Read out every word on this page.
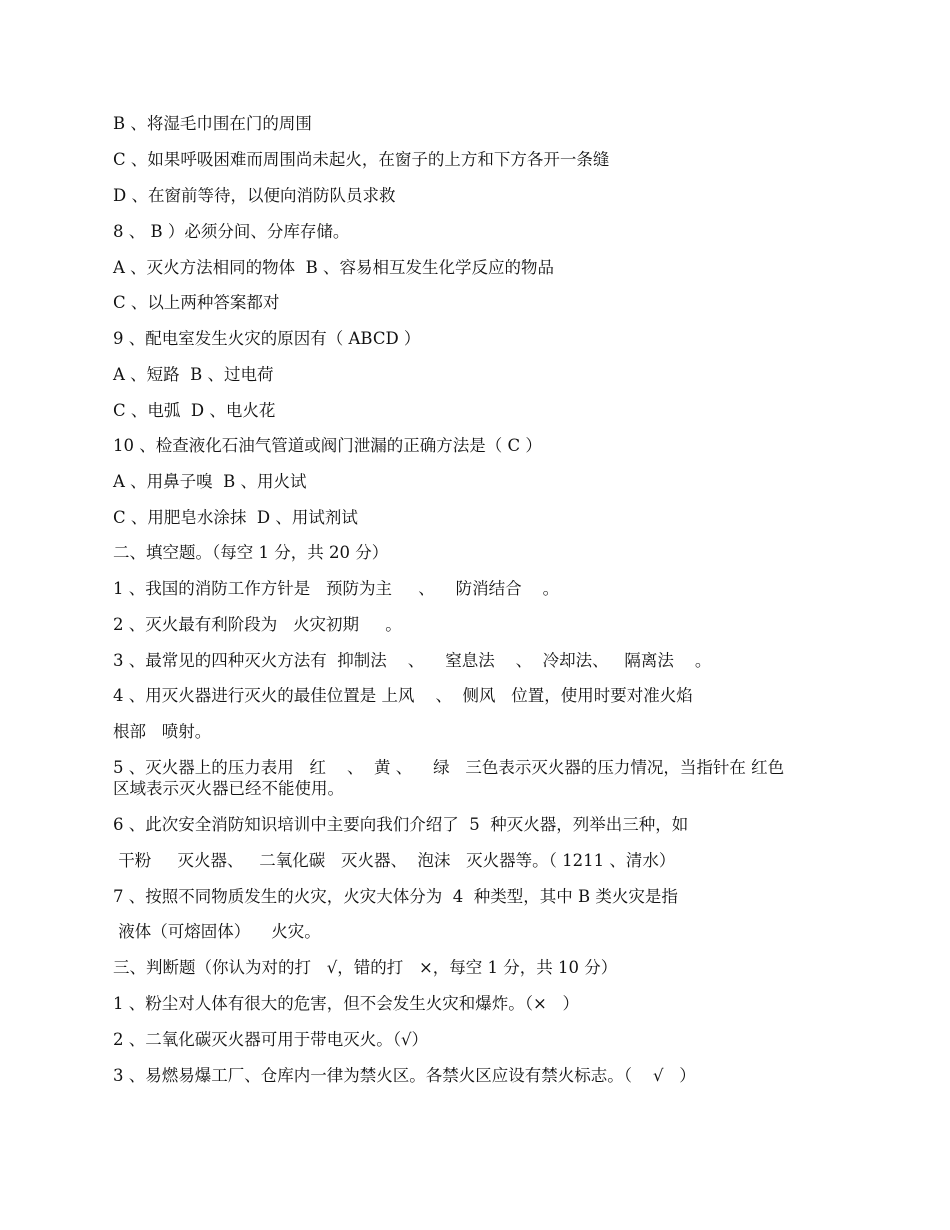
B 、将湿毛巾围在门的周围
C 、如果呼吸困难而周围尚未起火，在窗子的上方和下方各开一条缝
D 、在窗前等待，以便向消防队员求救
8 、 B ）必须分间、分库存储。
A 、灭火方法相同的物体  B 、容易相互发生化学反应的物品
C 、以上两种答案都对
9 、配电室发生火灾的原因有（ ABCD ）
A 、短路  B 、过电荷
C 、电弧  D 、电火花
10 、检查液化石油气管道或阀门泄漏的正确方法是（ C ）
A 、用鼻子嗅  B 、用火试
C 、用肥皂水涂抹  D 、用试剂试
二、填空题。（每空 1 分，共 20 分）
1 、我国的消防工作方针是   预防为主     、    防消结合    。
2 、灭火最有利阶段为   火灾初期     。
3 、最常见的四种灭火方法有  抑制法    、    窒息法    、  冷却法、   隔离法    。
4 、用灭火器进行灭火的最佳位置是 上风    、  侧风   位置，使用时要对准火焰
根部   喷射。
5 、灭火器上的压力表用   红    、  黄 、    绿   三色表示灭火器的压力情况，当指针在 红色
区域表示灭火器已经不能使用。
6 、此次安全消防知识培训中主要向我们介绍了  5  种灭火器，列举出三种，如
干粉     灭火器、   二氧化碳   灭火器、  泡沫   灭火器等。（ 1211 、清水）
7 、按照不同物质发生的火灾，火灾大体分为  4  种类型，其中 B 类火灾是指
液体（可熔固体）    火灾。
三、判断题（你认为对的打   √，错的打   ×，每空 1 分，共 10 分）
1 、粉尘对人体有很大的危害，但不会发生火灾和爆炸。（×   ）
2 、二氧化碳灭火器可用于带电灭火。（√）
3 、易燃易爆工厂、仓库内一律为禁火区。各禁火区应设有禁火标志。（    √   ）
